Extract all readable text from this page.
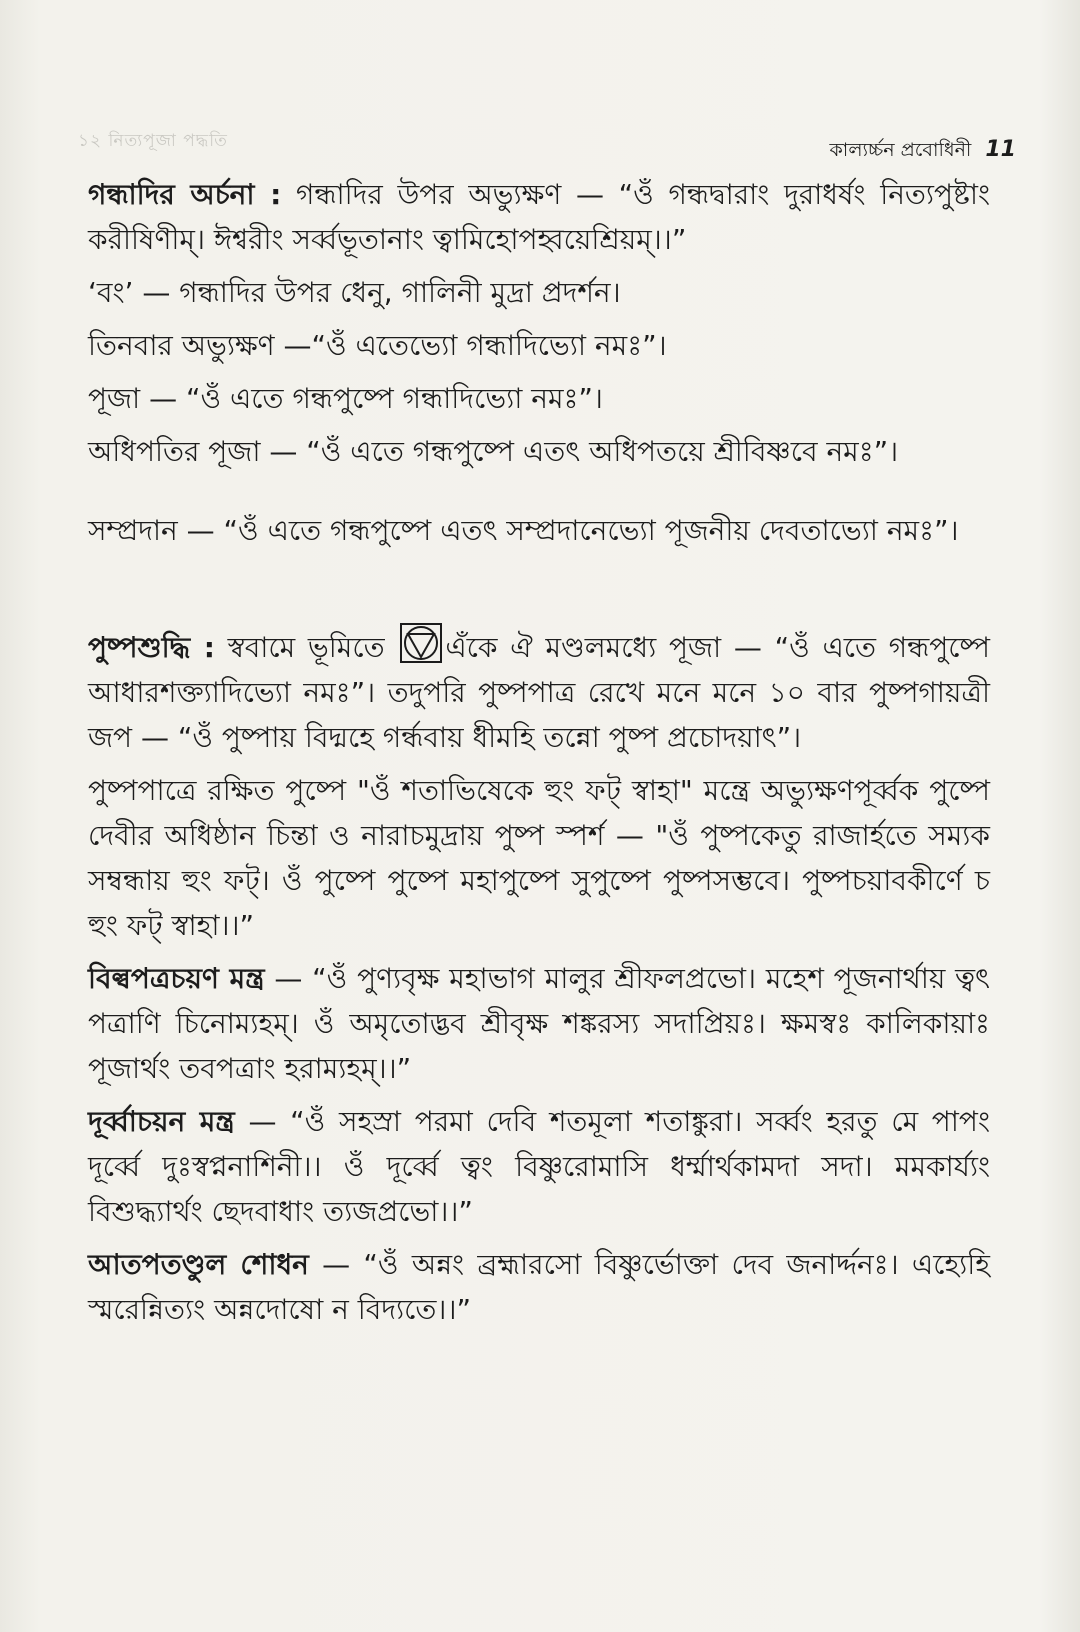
১২ নিত্যপূজা পদ্ধতি	কাল্যর্চ্চন প্রবোধিনী 11

গন্ধাদির অর্চনা : গন্ধাদির উপর অভ্যুক্ষণ — “ওঁ গন্ধদ্বারাং দুরাধর্ষং নিত্যপুষ্টাং করীষিণীম্। ঈশ্বরীং সর্ব্বভূতানাং ত্বামিহোপহ্বয়েশ্রিয়ম্।।”

‘বং’ — গন্ধাদির উপর ধেনু, গালিনী মুদ্রা প্রদর্শন।

তিনবার অভ্যুক্ষণ —“ওঁ এতেভ্যো গন্ধাদিভ্যো নমঃ”।

পূজা — “ওঁ এতে গন্ধপুষ্পে গন্ধাদিভ্যো নমঃ”।

অধিপতির পূজা — “ওঁ এতে গন্ধপুষ্পে এতৎ অধিপতয়ে শ্রীবিষ্ণবে নমঃ”।

সম্প্রদান — “ওঁ এতে গন্ধপুষ্পে এতৎ সম্প্রদানেভ্যো পূজনীয় দেবতাভ্যো নমঃ”।

পুষ্পশুদ্ধি : স্ববামে ভূমিতে এঁকে ঐ মণ্ডলমধ্যে পূজা — “ওঁ এতে গন্ধপুষ্পে আধারশক্ত্যাদিভ্যো নমঃ”। তদুপরি পুষ্পপাত্র রেখে মনে মনে ১০ বার পুষ্পগায়ত্রী জপ — “ওঁ পুষ্পায় বিদ্মহে গর্ন্ধবায় ধীমহি তন্নো পুষ্প প্রচোদয়াৎ”।

পুষ্পপাত্রে রক্ষিত পুষ্পে "ওঁ শতাভিষেকে হুং ফট্ স্বাহা" মন্ত্রে অভ্যুক্ষণপূর্ব্বক পুষ্পে দেবীর অধিষ্ঠান চিন্তা ও নারাচমুদ্রায় পুষ্প স্পর্শ — "ওঁ পুষ্পকেতু রাজার্হতে সম্যক সম্বন্ধায় হুং ফট্। ওঁ পুষ্পে পুষ্পে মহাপুষ্পে সুপুষ্পে পুষ্পসম্ভবে। পুষ্পচয়াবকীর্ণে চ হুং ফট্ স্বাহা।।”

বিল্বপত্রচয়ণ মন্ত্র — “ওঁ পুণ্যবৃক্ষ মহাভাগ মালুর শ্রীফলপ্রভো। মহেশ পূজনার্থায় ত্বৎ পত্রাণি চিনোম্যহম্। ওঁ অমৃতোদ্ভব শ্রীবৃক্ষ শঙ্করস্য সদাপ্রিয়ঃ। ক্ষমস্বঃ কালিকায়াঃ পূজার্থং তবপত্রাং হরাম্যহম্।।”

দূর্ব্বাচয়ন মন্ত্র — “ওঁ সহস্রা পরমা দেবি শতমূলা শতাঙ্কুরা। সর্ব্বং হরতু মে পাপং দূর্ব্বে দুঃস্বপ্ননাশিনী।। ওঁ দূর্ব্বে ত্বং বিষ্ণুরোমাসি ধর্ম্মার্থকামদা সদা। মমকার্য্যং বিশুদ্ধ্যার্থং ছেদবাধাং ত্যজপ্রভো।।”

আতপতণ্ডুল শোধন — “ওঁ অন্নং ব্রহ্মারসো বিষ্ণুর্ভোক্তা দেব জনার্দ্দনঃ। এহ্যেহি স্মরেন্নিত্যং অন্নদোষো ন বিদ্যতে।।”
